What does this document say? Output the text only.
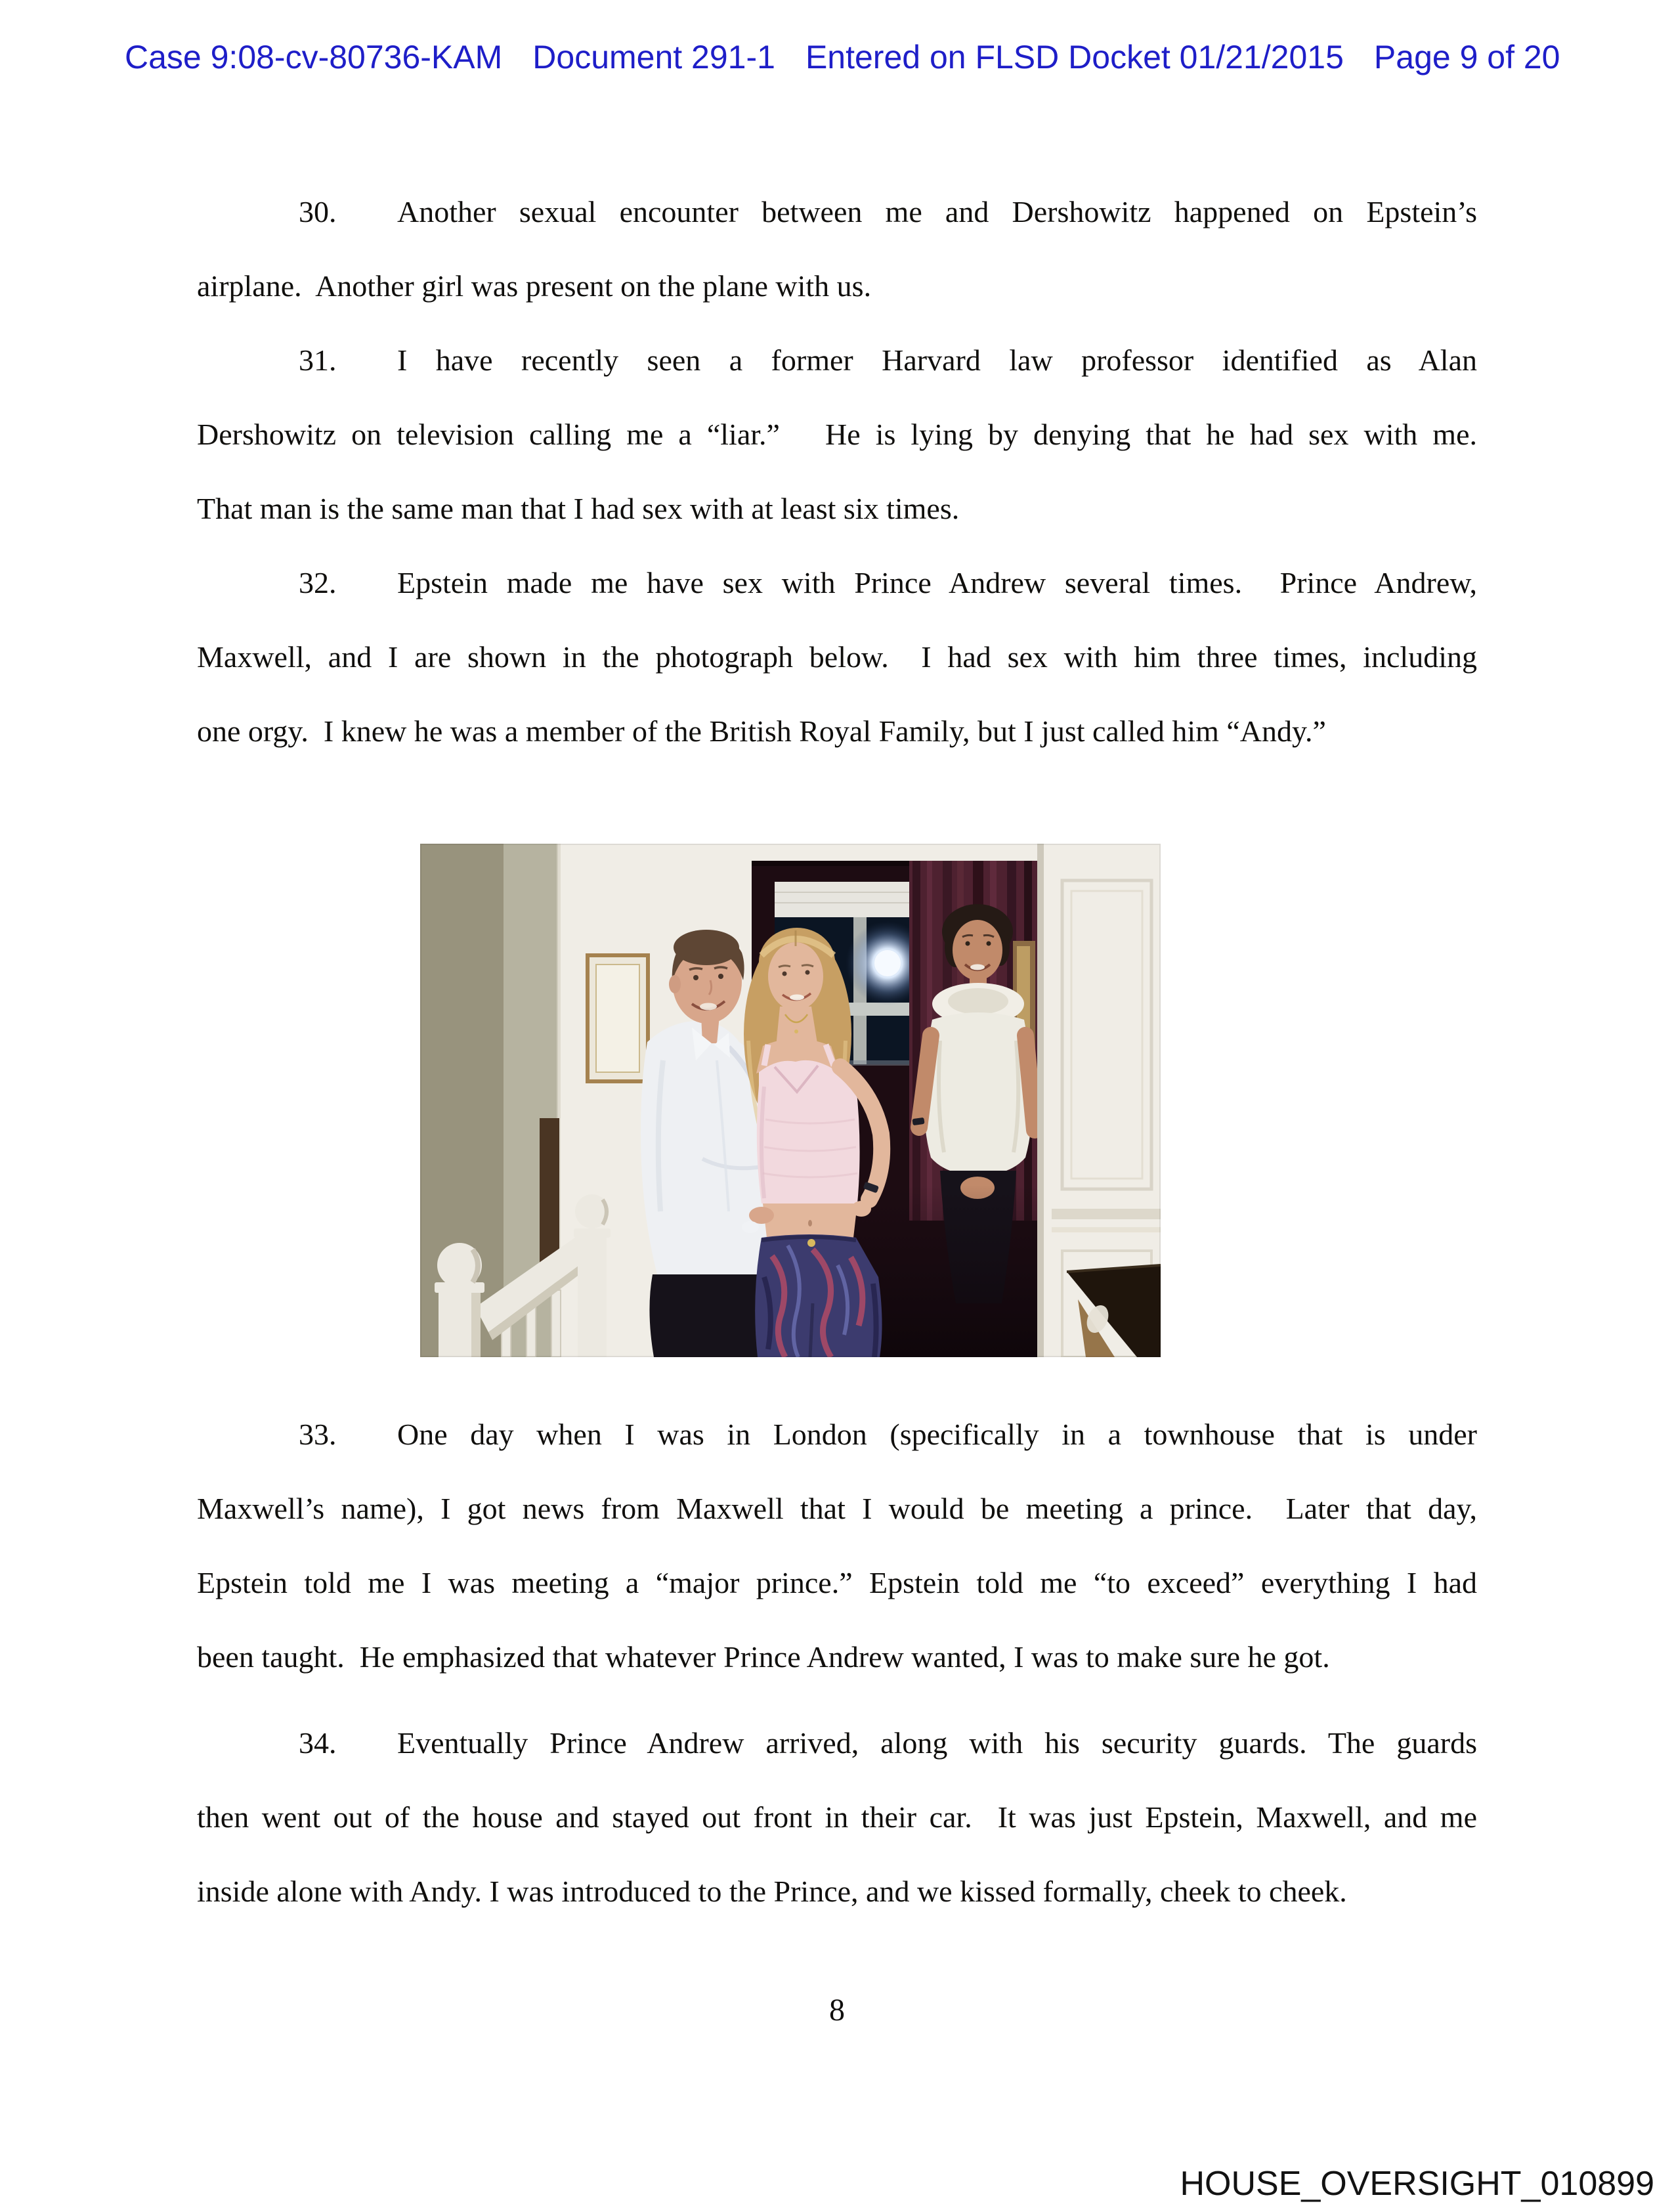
Case 9:08-cv-80736-KAM Document 291-1 Entered on FLSD Docket 01/21/2015 Page 9 of 20
30. Another sexual encounter between me and Dershowitz happened on Epstein’s
airplane.  Another girl was present on the plane with us.
31. I have recently seen a former Harvard law professor identified as Alan
Dershowitz on television calling me a “liar.”   He is lying by denying that he had sex with me.
That man is the same man that I had sex with at least six times.
32. Epstein made me have sex with Prince Andrew several times.  Prince Andrew,
Maxwell, and I are shown in the photograph below.  I had sex with him three times, including
one orgy.  I knew he was a member of the British Royal Family, but I just called him “Andy.”
33. One day when I was in London (specifically in a townhouse that is under
Maxwell’s name), I got news from Maxwell that I would be meeting a prince.  Later that day,
Epstein told me I was meeting a “major prince.” Epstein told me “to exceed” everything I had
been taught.  He emphasized that whatever Prince Andrew wanted, I was to make sure he got.
34. Eventually Prince Andrew arrived, along with his security guards. The guards
then went out of the house and stayed out front in their car.  It was just Epstein, Maxwell, and me
inside alone with Andy. I was introduced to the Prince, and we kissed formally, cheek to cheek.
8
HOUSE_OVERSIGHT_010899
